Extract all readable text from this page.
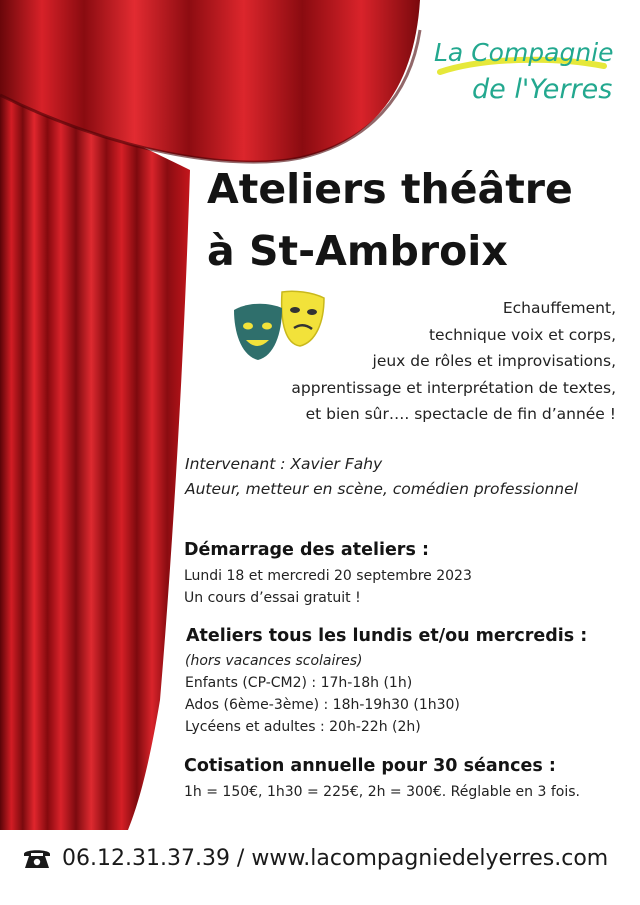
La Compagnie
de l'Yerres
Ateliers théâtre
à St-Ambroix
Echauffement,
technique voix et corps,
jeux de rôles et improvisations,
apprentissage et interprétation de textes,
et bien sûr…. spectacle de fin d’année !
Intervenant : Xavier Fahy
Auteur, metteur en scène, comédien professionnel
Démarrage des ateliers :
Lundi 18 et mercredi 20 septembre 2023
Un cours d’essai gratuit !
Ateliers tous les lundis et/ou mercredis :
(hors vacances scolaires)
Enfants (CP-CM2) : 17h-18h (1h)
Ados (6ème-3ème) : 18h-19h30 (1h30)
Lycéens et adultes : 20h-22h (2h)
Cotisation annuelle pour 30 séances :
1h = 150€, 1h30 = 225€, 2h = 300€. Réglable en 3 fois.
06.12.31.37.39 / www.lacompagniedelyerres.com
